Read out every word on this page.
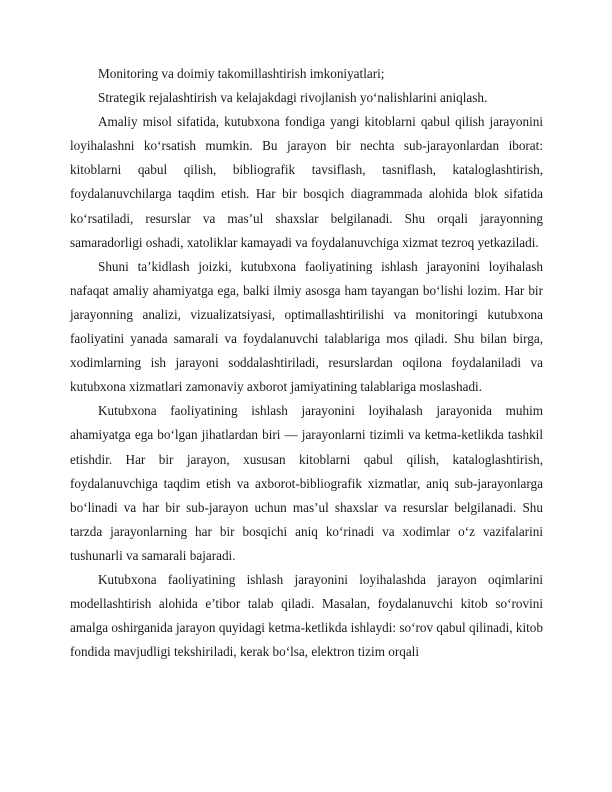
Monitoring va doimiy takomillashtirish imkoniyatlari;

Strategik rejalashtirish va kelajakdagi rivojlanish yo‘nalishlarini aniqlash.

Amaliy misol sifatida, kutubxona fondiga yangi kitoblarni qabul qilish jarayonini loyihalashni ko‘rsatish mumkin. Bu jarayon bir nechta sub-jarayonlardan iborat: kitoblarni qabul qilish, bibliografik tavsiflash, tasniflash, kataloglashtirish, foydalanuvchilarga taqdim etish. Har bir bosqich diagrammada alohida blok sifatida ko‘rsatiladi, resurslar va mas’ul shaxslar belgilanadi. Shu orqali jarayonning samaradorligi oshadi, xatoliklar kamayadi va foydalanuvchiga xizmat tezroq yetkaziladi.

Shuni ta’kidlash joizki, kutubxona faoliyatining ishlash jarayonini loyihalash nafaqat amaliy ahamiyatga ega, balki ilmiy asosga ham tayangan bo‘lishi lozim. Har bir jarayonning analizi, vizualizatsiyasi, optimallashtirilishi va monitoringi kutubxona faoliyatini yanada samarali va foydalanuvchi talablariga mos qiladi. Shu bilan birga, xodimlarning ish jarayoni soddalashtiriladi, resurslardan oqilona foydalaniladi va kutubxona xizmatlari zamonaviy axborot jamiyatining talablariga moslashadi.

Kutubxona faoliyatining ishlash jarayonini loyihalash jarayonida muhim ahamiyatga ega bo‘lgan jihatlardan biri — jarayonlarni tizimli va ketma-ketlikda tashkil etishdir. Har bir jarayon, xususan kitoblarni qabul qilish, kataloglashtirish, foydalanuvchiga taqdim etish va axborot-bibliografik xizmatlar, aniq sub-jarayonlarga bo‘linadi va har bir sub-jarayon uchun mas’ul shaxslar va resurslar belgilanadi. Shu tarzda jarayonlarning har bir bosqichi aniq ko‘rinadi va xodimlar o‘z vazifalarini tushunarli va samarali bajaradi.

Kutubxona faoliyatining ishlash jarayonini loyihalashda jarayon oqimlarini modellashtirish alohida e’tibor talab qiladi. Masalan, foydalanuvchi kitob so‘rovini amalga oshirganida jarayon quyidagi ketma-ketlikda ishlaydi: so‘rov qabul qilinadi, kitob fondida mavjudligi tekshiriladi, kerak bo‘lsa, elektron tizim orqali
